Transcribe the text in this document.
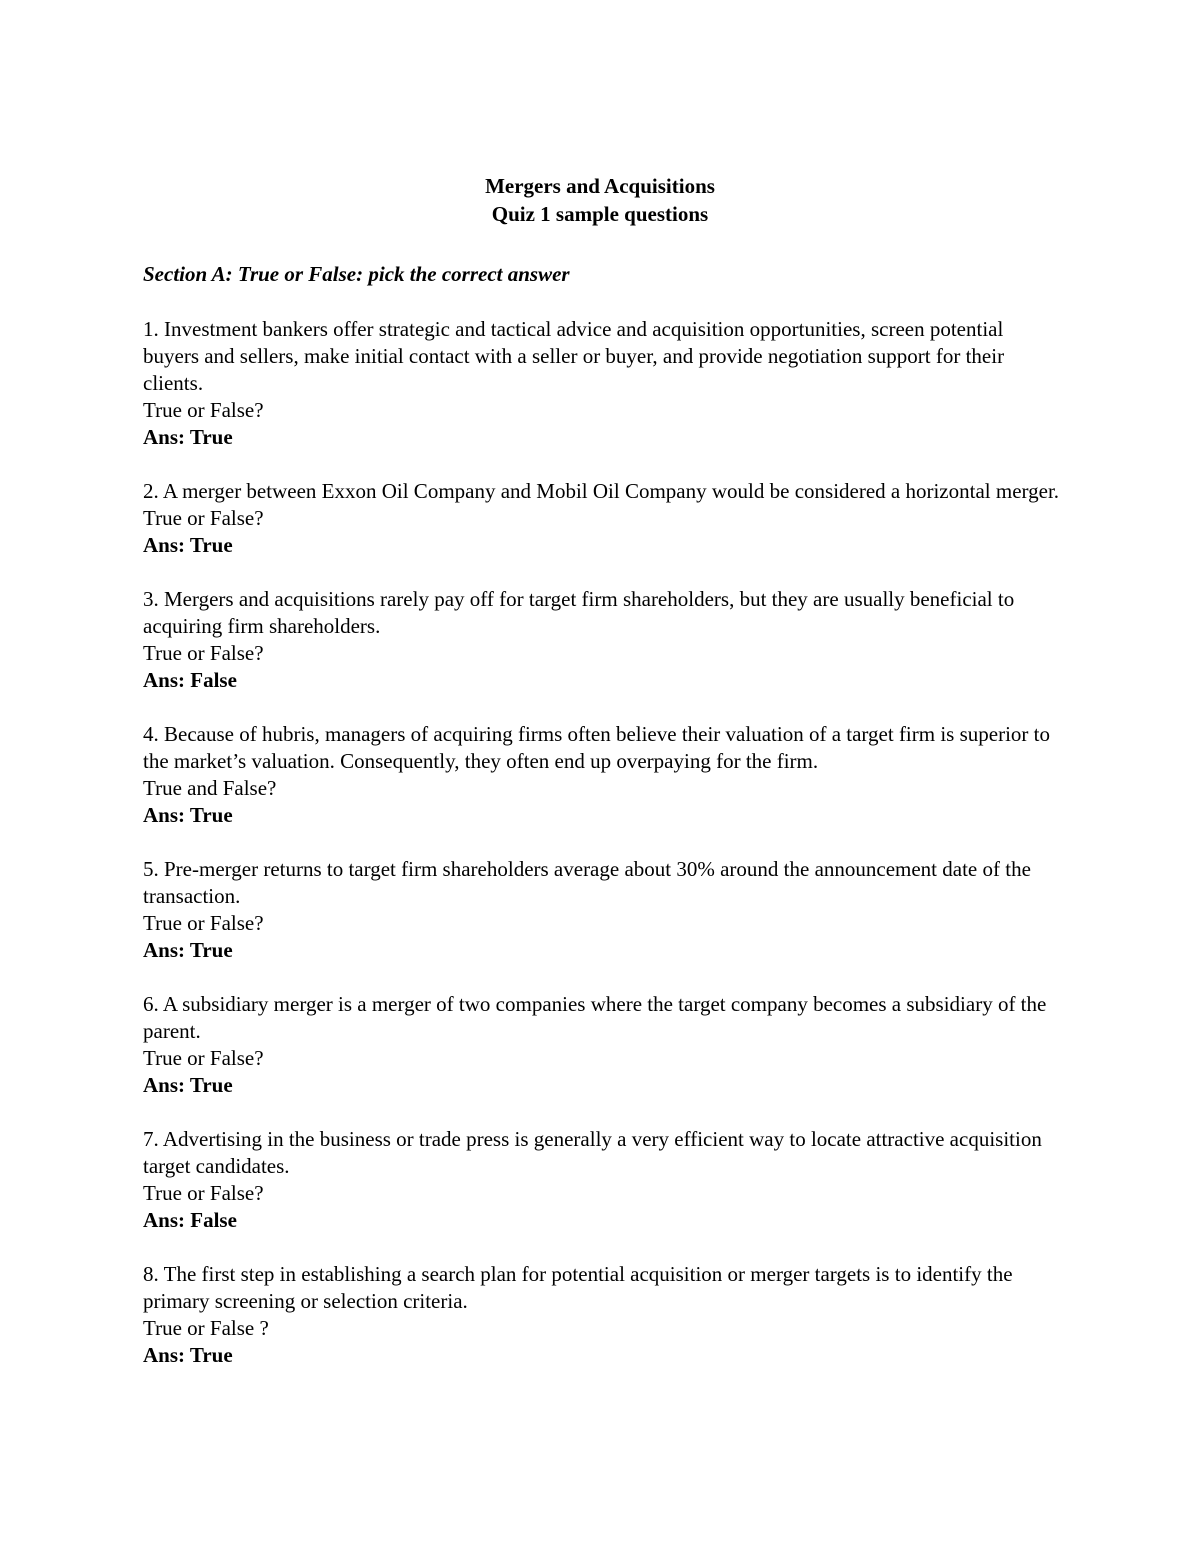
Mergers and Acquisitions
Quiz 1 sample questions
Section A: True or False: pick the correct answer
1. Investment bankers offer strategic and tactical advice and acquisition opportunities, screen potential buyers and sellers, make initial contact with a seller or buyer, and provide negotiation support for their clients.
True or False?
Ans: True
2. A merger between Exxon Oil Company and Mobil Oil Company would be considered a horizontal merger.
True or False?
Ans: True
3. Mergers and acquisitions rarely pay off for target firm shareholders, but they are usually beneficial to acquiring firm shareholders.
True or False?
Ans: False
4. Because of hubris, managers of acquiring firms often believe their valuation of a target firm is superior to the market’s valuation. Consequently, they often end up overpaying for the firm.
True and False?
Ans: True
5. Pre-merger returns to target firm shareholders average about 30% around the announcement date of the transaction.
True or False?
Ans: True
6. A subsidiary merger is a merger of two companies where the target company becomes a subsidiary of the parent.
True or False?
Ans: True
7. Advertising in the business or trade press is generally a very efficient way to locate attractive acquisition target candidates.
True or False?
Ans: False
8. The first step in establishing a search plan for potential acquisition or merger targets is to identify the primary screening or selection criteria.
True or False ?
Ans: True
